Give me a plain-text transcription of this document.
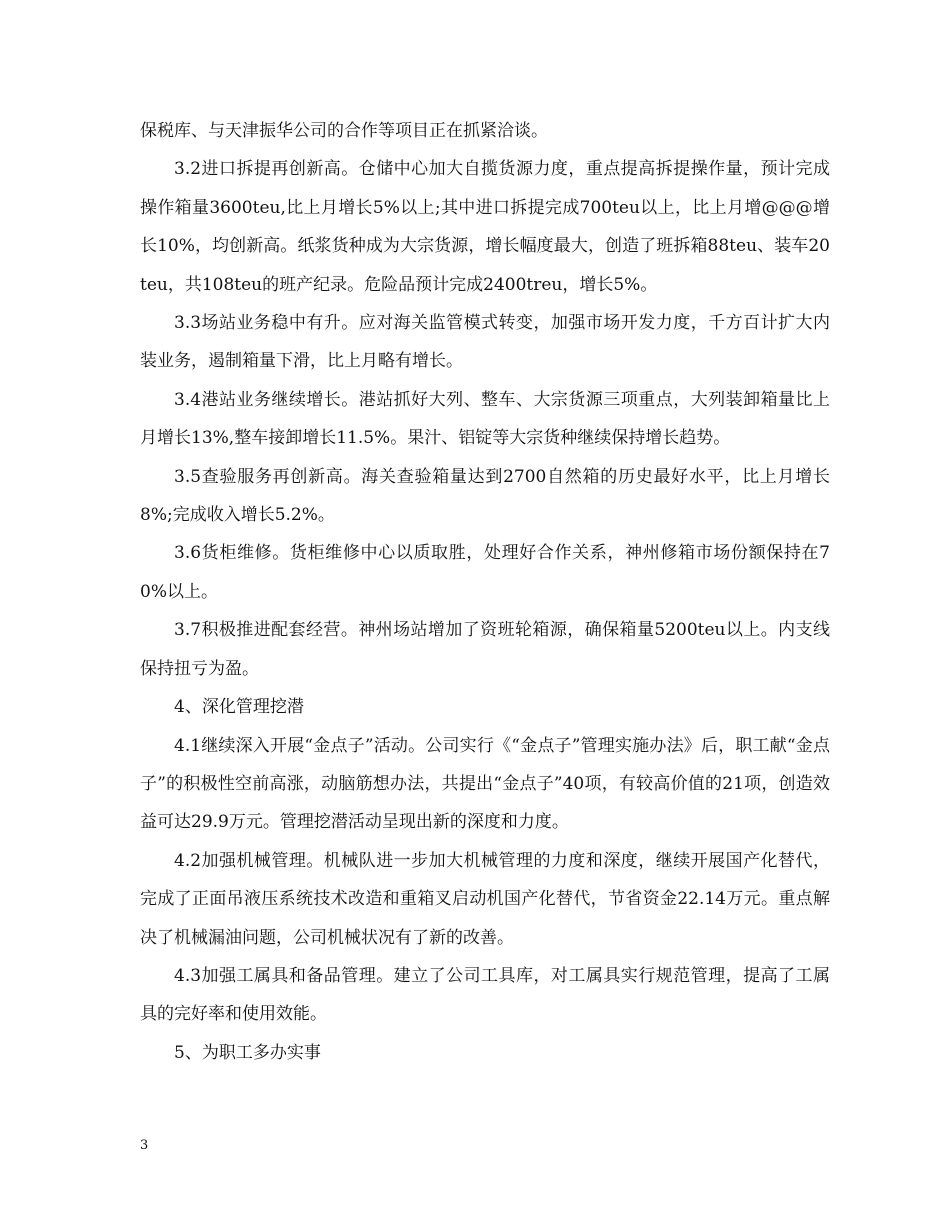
保税库、与天津振华公司的合作等项目正在抓紧洽谈。

3.2进口拆提再创新高。仓储中心加大自揽货源力度，重点提高拆提操作量，预计完成操作箱量3600teu,比上月增长5%以上;其中进口拆提完成700teu以上，比上月增@@@增长10%，均创新高。纸浆货种成为大宗货源，增长幅度最大，创造了班拆箱88teu、装车20teu，共108teu的班产纪录。危险品预计完成2400treu，增长5%。

3.3场站业务稳中有升。应对海关监管模式转变，加强市场开发力度，千方百计扩大内装业务，遏制箱量下滑，比上月略有增长。

3.4港站业务继续增长。港站抓好大列、整车、大宗货源三项重点，大列装卸箱量比上月增长13%,整车接卸增长11.5%。果汁、铝锭等大宗货种继续保持增长趋势。

3.5查验服务再创新高。海关查验箱量达到2700自然箱的历史最好水平，比上月增长8%;完成收入增长5.2%。

3.6货柜维修。货柜维修中心以质取胜，处理好合作关系，神州修箱市场份额保持在70%以上。

3.7积极推进配套经营。神州场站增加了资班轮箱源，确保箱量5200teu以上。内支线保持扭亏为盈。

4、深化管理挖潜

4.1继续深入开展“金点子”活动。公司实行《“金点子”管理实施办法》后，职工献“金点子”的积极性空前高涨，动脑筋想办法，共提出“金点子”40项，有较高价值的21项，创造效益可达29.9万元。管理挖潜活动呈现出新的深度和力度。

4.2加强机械管理。机械队进一步加大机械管理的力度和深度，继续开展国产化替代，完成了正面吊液压系统技术改造和重箱叉启动机国产化替代，节省资金22.14万元。重点解决了机械漏油问题，公司机械状况有了新的改善。

4.3加强工属具和备品管理。建立了公司工具库，对工属具实行规范管理，提高了工属具的完好率和使用效能。

5、为职工多办实事

3
